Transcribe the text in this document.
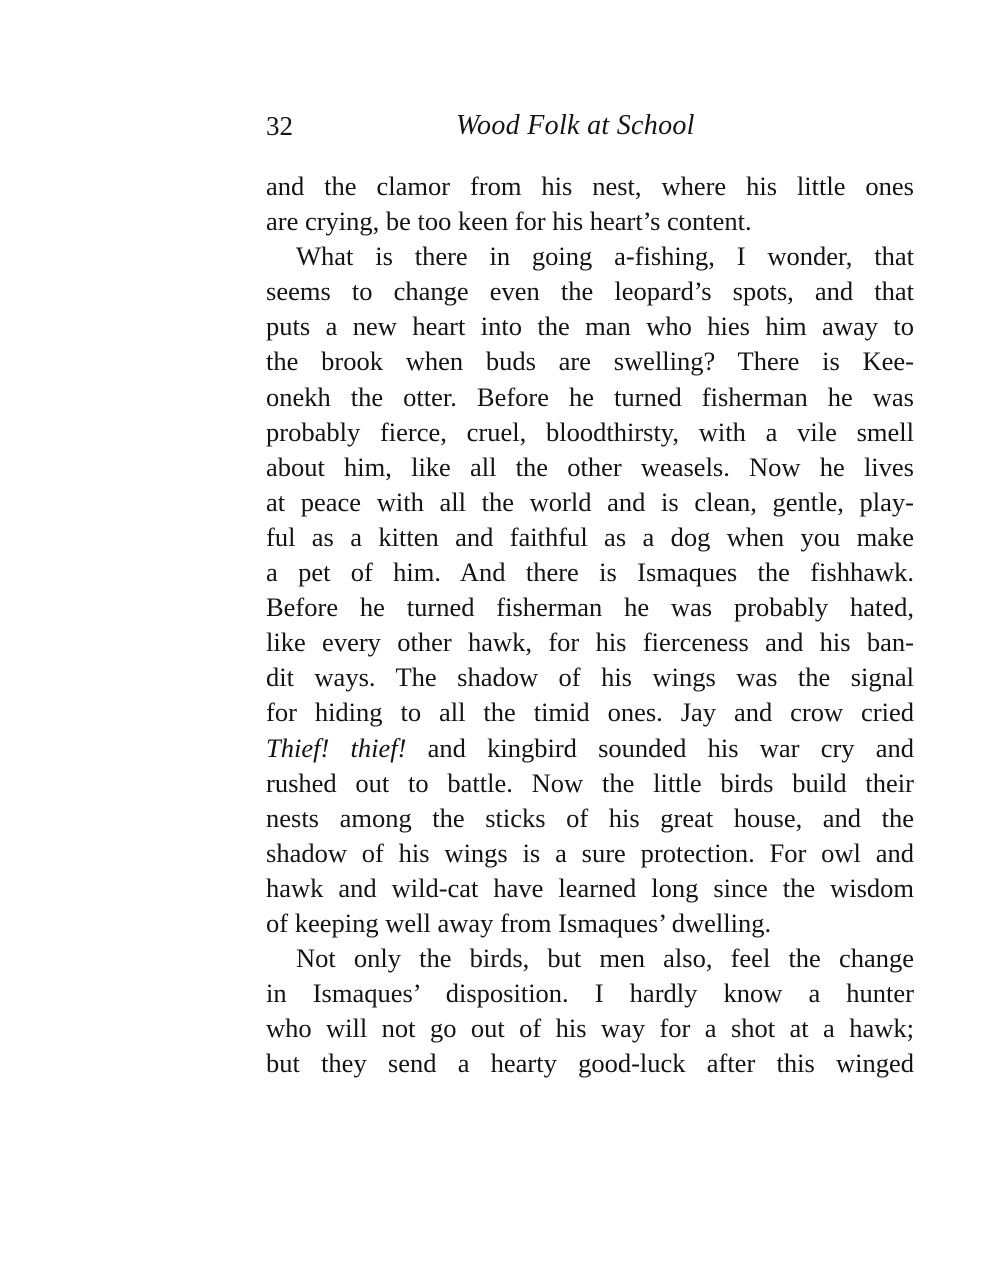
32	Wood Folk at School

and the clamor from his nest, where his little ones
are crying, be too keen for his heart’s content.

What is there in going a-fishing, I wonder, that
seems to change even the leopard’s spots, and that
puts a new heart into the man who hies him away to
the brook when buds are swelling? There is Kee-
onekh the otter. Before he turned fisherman he was
probably fierce, cruel, bloodthirsty, with a vile smell
about him, like all the other weasels. Now he lives
at peace with all the world and is clean, gentle, play-
ful as a kitten and faithful as a dog when you make
a pet of him. And there is Ismaques the fishhawk.
Before he turned fisherman he was probably hated,
like every other hawk, for his fierceness and his ban-
dit ways. The shadow of his wings was the signal
for hiding to all the timid ones. Jay and crow cried
Thief! thief! and kingbird sounded his war cry and
rushed out to battle. Now the little birds build their
nests among the sticks of his great house, and the
shadow of his wings is a sure protection. For owl and
hawk and wild-cat have learned long since the wisdom
of keeping well away from Ismaques’ dwelling.

Not only the birds, but men also, feel the change
in Ismaques’ disposition. I hardly know a hunter
who will not go out of his way for a shot at a hawk;
but they send a hearty good-luck after this winged
